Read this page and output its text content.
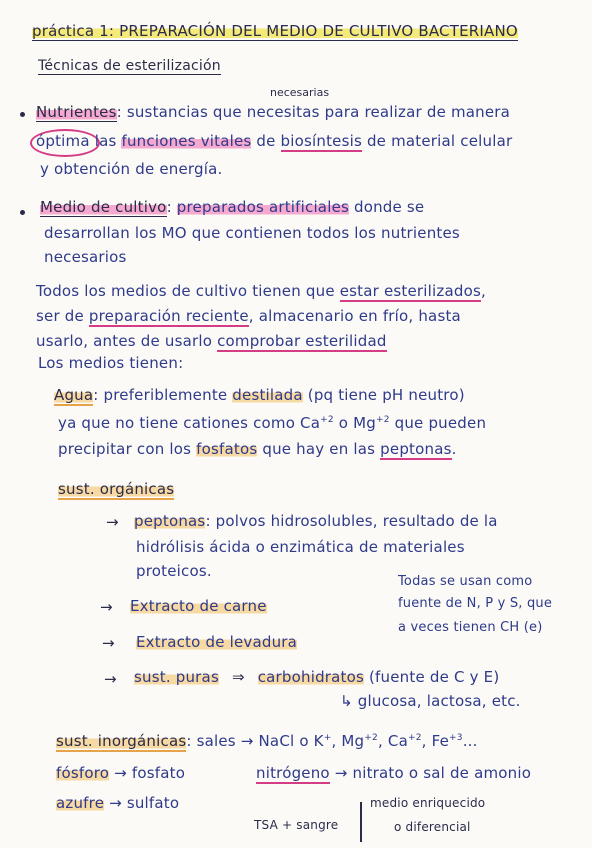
práctica 1: PREPARACIÓN DEL MEDIO DE CULTIVO BACTERIANO
Técnicas de esterilización
necesarias
Nutrientes: sustancias que necesitas para realizar de manera
óptima las funciones vitales de biosíntesis de material celular
y obtención de energía.
Medio de cultivo: preparados artificiales donde se
desarrollan los MO que contienen todos los nutrientes
necesarios
Todos los medios de cultivo tienen que estar esterilizados,
ser de preparación reciente, almacenario en frío, hasta
usarlo, antes de usarlo comprobar esterilidad
Los medios tienen:
Agua: preferiblemente destilada (pq tiene pH neutro)
ya que no tiene cationes como $Ca^{+2}$ o $Mg^{+2}$ que pueden
precipitar con los fosfatos que hay en las peptonas.
sust. orgánicas
→ peptonas: polvos hidrosolubles, resultado de la
hidrólisis ácida o enzimática de materiales
proteicos.
Todas se usan como
fuente de N, P y S, que
a veces tienen CH (e)
→ Extracto de carne
→ Extracto de levadura
→ sust. puras ⇒ carbohidratos (fuente de C y E)
↳ glucosa, lactosa, etc.
sust. inorgánicas: sales → NaCl o K+, $Mg^{+2}$, $Ca^{+2}$, $Fe^{+3}$...
fósforo → fosfato	nitrógeno → nitrato o sal de amonio
azufre → sulfato	medio enriquecido
TSA + sangre	o diferencial
